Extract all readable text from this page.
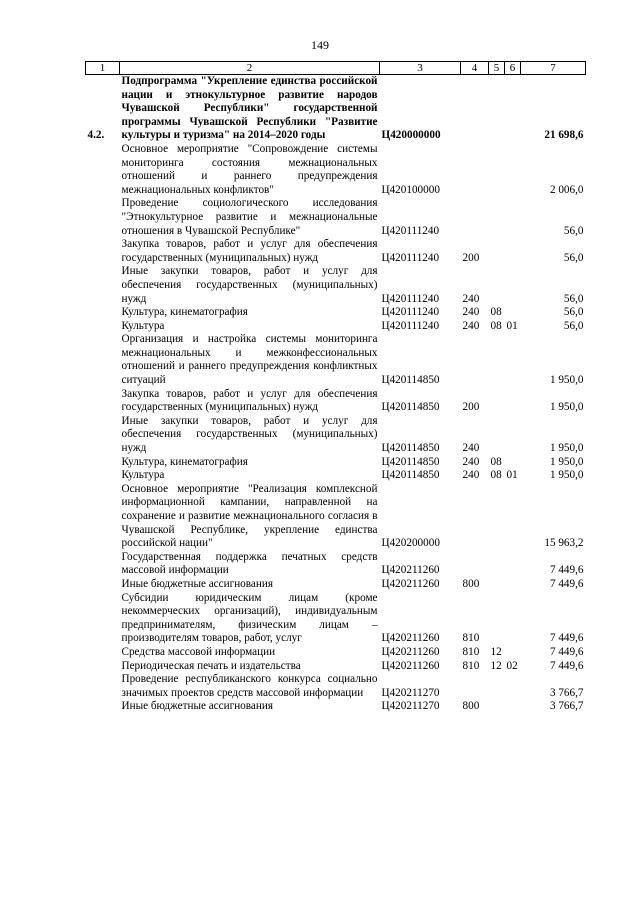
149
1	2	3	4	5	6	7
4.2.	Подпрограмма "Укрепление единства российской нации и этнокультурное развитие народов Чувашской Республики" государственной программы Чувашской Республики "Развитие культуры и туризма" на 2014–2020 годы	Ц420000000				21 698,6
	Основное мероприятие "Сопровождение системы мониторинга состояния межнациональных отношений и раннего предупреждения межнациональных конфликтов"	Ц420100000				2 006,0
	Проведение социологического исследования "Этнокультурное развитие и межнациональные отношения в Чувашской Республике"	Ц420111240				56,0
	Закупка товаров, работ и услуг для обеспечения государственных (муниципальных) нужд	Ц420111240	200			56,0
	Иные закупки товаров, работ и услуг для обеспечения государственных (муниципальных) нужд	Ц420111240	240			56,0
	Культура, кинематография	Ц420111240	240	08		56,0
	Культура	Ц420111240	240	08	01	56,0
	Организация и настройка системы мониторинга межнациональных и межконфессиональных отношений и раннего предупреждения конфликтных ситуаций	Ц420114850				1 950,0
	Закупка товаров, работ и услуг для обеспечения государственных (муниципальных) нужд	Ц420114850	200			1 950,0
	Иные закупки товаров, работ и услуг для обеспечения государственных (муниципальных) нужд	Ц420114850	240			1 950,0
	Культура, кинематография	Ц420114850	240	08		1 950,0
	Культура	Ц420114850	240	08	01	1 950,0
	Основное мероприятие "Реализация комплексной информационной кампании, направленной на сохранение и развитие межнационального согласия в Чувашской Республике, укрепление единства российской нации"	Ц420200000				15 963,2
	Государственная поддержка печатных средств массовой информации	Ц420211260				7 449,6
	Иные бюджетные ассигнования	Ц420211260	800			7 449,6
	Субсидии юридическим лицам (кроме некоммерческих организаций), индивидуальным предпринимателям, физическим лицам – производителям товаров, работ, услуг	Ц420211260	810			7 449,6
	Средства массовой информации	Ц420211260	810	12		7 449,6
	Периодическая печать и издательства	Ц420211260	810	12	02	7 449,6
	Проведение республиканского конкурса социально значимых проектов средств массовой информации	Ц420211270				3 766,7
	Иные бюджетные ассигнования	Ц420211270	800			3 766,7
